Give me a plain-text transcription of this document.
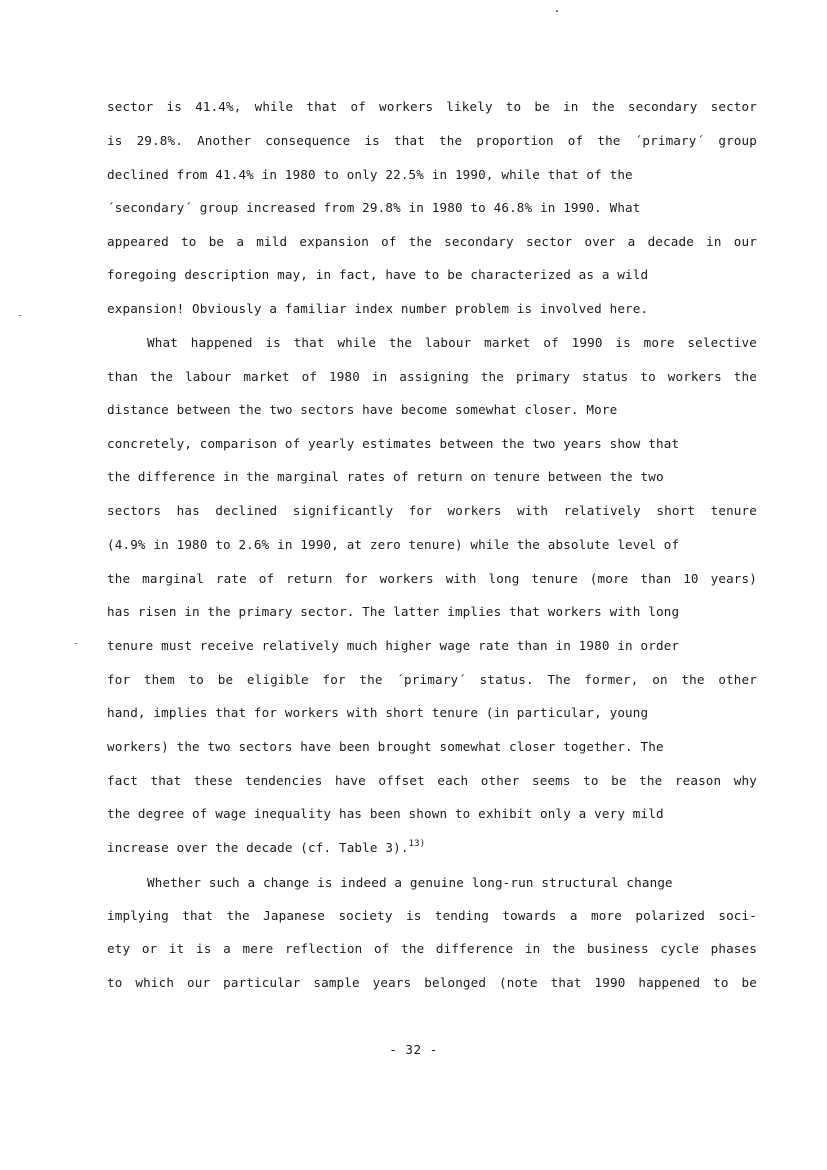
sector is 41.4%, while that of workers likely to be in the secondary sector
is 29.8%. Another consequence is that the proportion of the ´primary´ group
declined from 41.4% in 1980 to only 22.5% in 1990, while that of the
´secondary´ group increased from 29.8% in 1980 to 46.8% in 1990. What
appeared to be a mild expansion of the secondary sector over a decade in our
foregoing description may, in fact, have to be characterized as a wild
expansion! Obviously a familiar index number problem is involved here.
What happened is that while the labour market of 1990 is more selective
than the labour market of 1980 in assigning the primary status to workers the
distance between the two sectors have become somewhat closer. More
concretely, comparison of yearly estimates between the two years show that
the difference in the marginal rates of return on tenure between the two
sectors has declined significantly for workers with relatively short tenure
(4.9% in 1980 to 2.6% in 1990, at zero tenure) while the absolute level of
the marginal rate of return for workers with long tenure (more than 10 years)
has risen in the primary sector. The latter implies that workers with long
tenure must receive relatively much higher wage rate than in 1980 in order
for them to be eligible for the ´primary´ status. The former, on the other
hand, implies that for workers with short tenure (in particular, young
workers) the two sectors have been brought somewhat closer together. The
fact that these tendencies have offset each other seems to be the reason why
the degree of wage inequality has been shown to exhibit only a very mild
increase over the decade (cf. Table 3).$^{13)}$
Whether such a change is indeed a genuine long-run structural change
implying that the Japanese society is tending towards a more polarized soci-
ety or it is a mere reflection of the difference in the business cycle phases
to which our particular sample years belonged (note that 1990 happened to be
- 32 -
